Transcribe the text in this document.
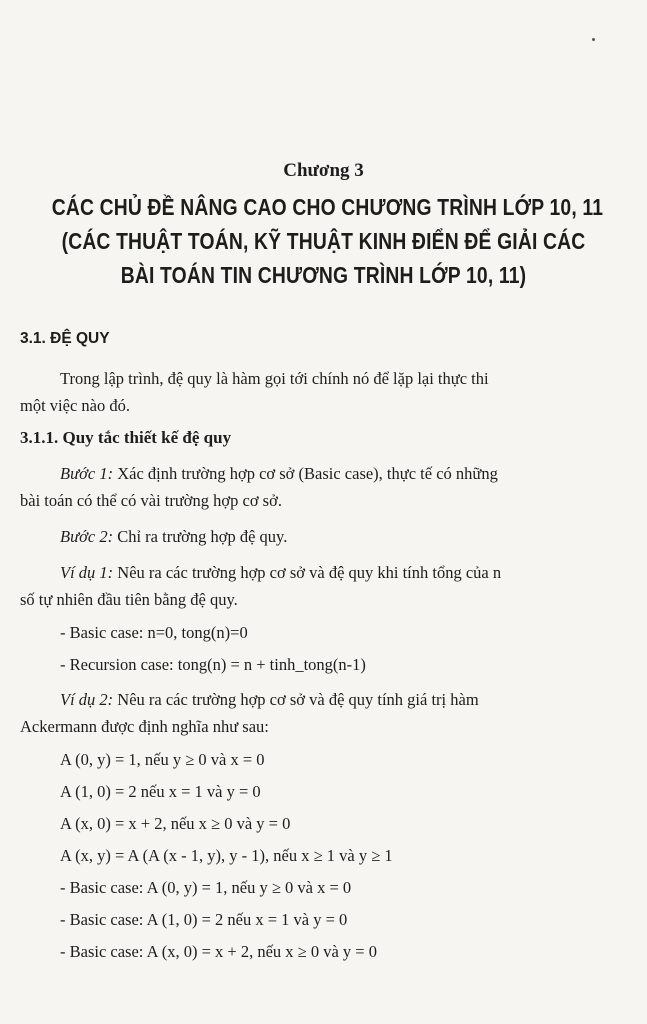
Chương 3
CÁC CHỦ ĐỀ NÂNG CAO CHO CHƯƠNG TRÌNH LỚP 10, 11
(CÁC THUẬT TOÁN, KỸ THUẬT KINH ĐIỂN ĐỂ GIẢI CÁC
BÀI TOÁN TIN CHƯƠNG TRÌNH LỚP 10, 11)
3.1. ĐỆ QUY
Trong lập trình, đệ quy là hàm gọi tới chính nó để lặp lại thực thi
một việc nào đó.
3.1.1. Quy tắc thiết kế đệ quy
Bước 1: Xác định trường hợp cơ sở (Basic case), thực tế có những
bài toán có thể có vài trường hợp cơ sở.
Bước 2: Chỉ ra trường hợp đệ quy.
Ví dụ 1: Nêu ra các trường hợp cơ sở và đệ quy khi tính tổng của n
số tự nhiên đầu tiên bằng đệ quy.
- Basic case: n=0, tong(n)=0
- Recursion case: tong(n) = n + tinh_tong(n-1)
Ví dụ 2: Nêu ra các trường hợp cơ sở và đệ quy tính giá trị hàm
Ackermann được định nghĩa như sau:
A (0, y) = 1, nếu y ≥ 0 và x = 0
A (1, 0) = 2 nếu x = 1 và y = 0
A (x, 0) = x + 2, nếu x ≥ 0 và y = 0
A (x, y) = A (A (x - 1, y), y - 1), nếu x ≥ 1 và y ≥ 1
- Basic case: A (0, y) = 1, nếu y ≥ 0 và x = 0
- Basic case: A (1, 0) = 2 nếu x = 1 và y = 0
- Basic case: A (x, 0) = x + 2, nếu x ≥ 0 và y = 0
